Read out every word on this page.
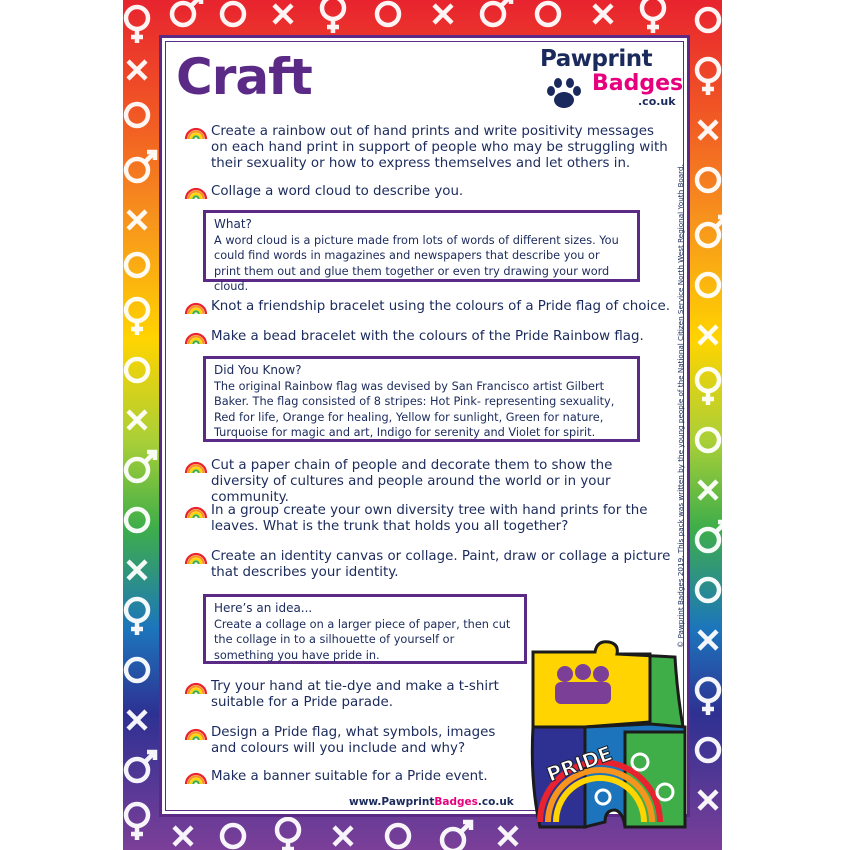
Craft	Pawprint
Badges
.co.uk
Create a rainbow out of hand prints and write positivity messages on each hand print in support of people who may be struggling with their sexuality or how to express themselves and let others in.
Collage a word cloud to describe you.
What?
A word cloud is a picture made from lots of words of different sizes. You could find words in magazines and newspapers that describe you or print them out and glue them together or even try drawing your word cloud.
Knot a friendship bracelet using the colours of a Pride flag of choice.
Make a bead bracelet with the colours of the Pride Rainbow flag.
Did You Know?
The original Rainbow flag was devised by San Francisco artist Gilbert Baker. The flag consisted of 8 stripes: Hot Pink- representing sexuality, Red for life, Orange for healing, Yellow for sunlight, Green for nature, Turquoise for magic and art, Indigo for serenity and Violet for spirit.
Cut a paper chain of people and decorate them to show the diversity of cultures and people around the world or in your community.
In a group create your own diversity tree with hand prints for the leaves. What is the trunk that holds you all together?
Create an identity canvas or collage. Paint, draw or collage a picture that describes your identity.
Here’s an idea...
Create a collage on a larger piece of paper, then cut the collage in to a silhouette of yourself or something you have pride in.
Try your hand at tie-dye and make a t-shirt suitable for a Pride parade.
Design a Pride flag, what symbols, images and colours will you include and why?
Make a banner suitable for a Pride event.
© Pawprint Badges 2019. This pack was written by the young people of the National Citizen Service North West Regional Youth Board.
www.PawprintBadges.co.uk
PRIDE
